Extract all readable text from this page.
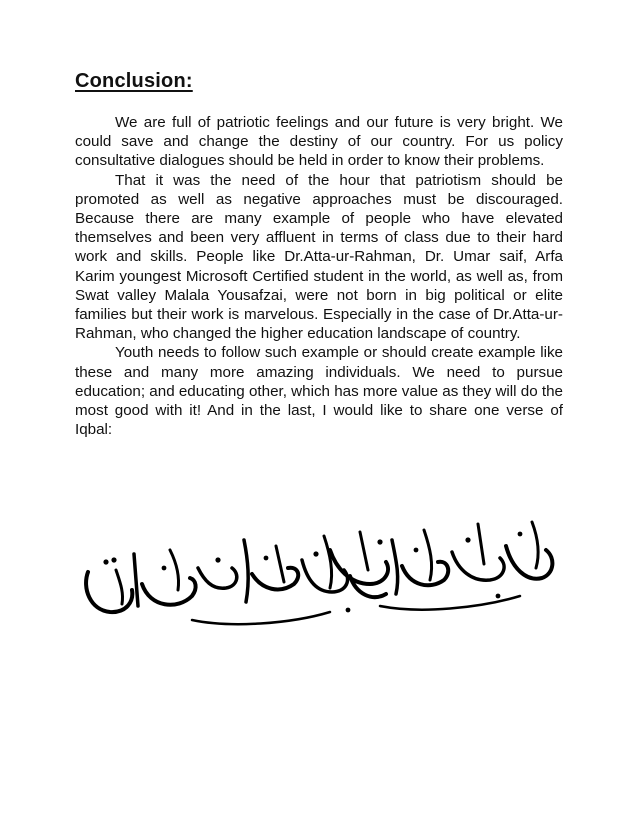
Conclusion:

We are full of patriotic feelings and our future is very bright. We could save and change the destiny of our country. For us policy consultative dialogues should be held in order to know their problems.

That it was the need of the hour that patriotism should be promoted as well as negative approaches must be discouraged. Because there are many example of people who have elevated themselves and been very affluent in terms of class due to their hard work and skills. People like Dr.Atta-ur-Rahman, Dr. Umar saif, Arfa Karim youngest Microsoft Certified student in the world, as well as, from Swat valley Malala Yousafzai, were not born in big political or elite families but their work is marvelous. Especially in the case of Dr.Atta-ur-Rahman, who changed the higher education landscape of country.

Youth needs to follow such example or should create example like these and many more amazing individuals. We need to pursue education; and educating other, which has more value as they will do the most good with it! And in the last, I would like to share one verse of Iqbal:
